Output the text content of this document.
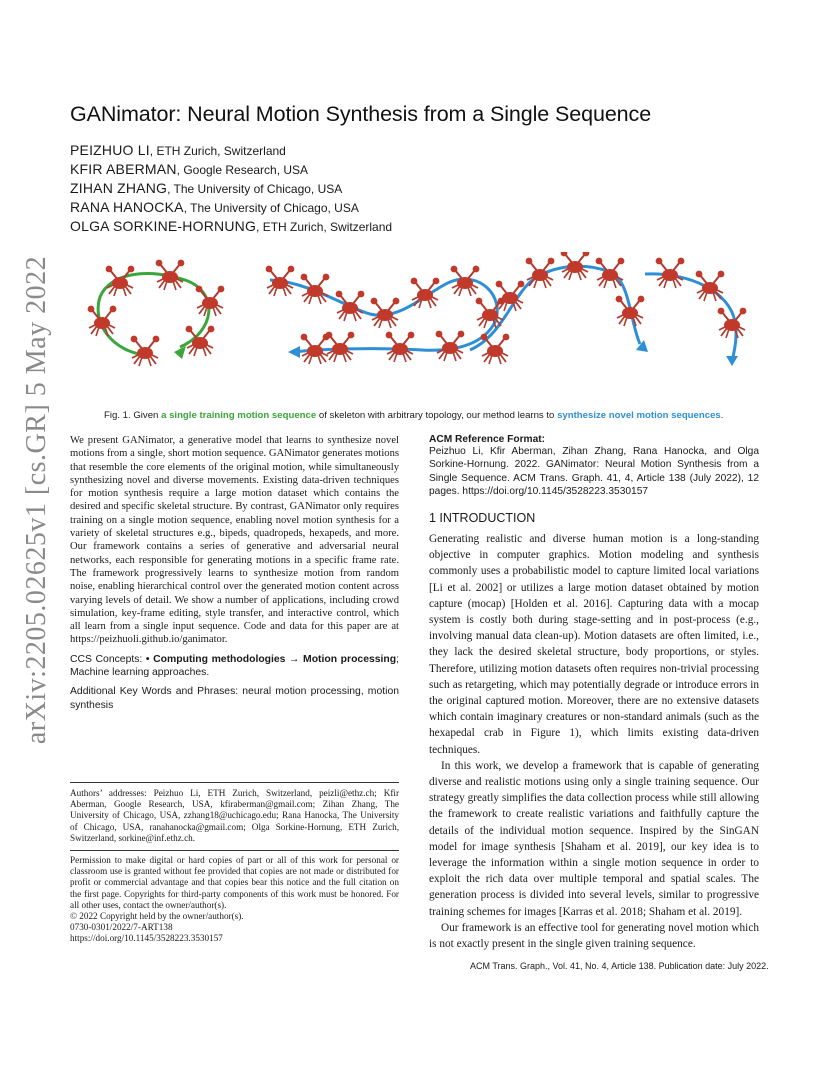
GANimator: Neural Motion Synthesis from a Single Sequence
PEIZHUO LI, ETH Zurich, Switzerland
KFIR ABERMAN, Google Research, USA
ZIHAN ZHANG, The University of Chicago, USA
RANA HANOCKA, The University of Chicago, USA
OLGA SORKINE-HORNUNG, ETH Zurich, Switzerland
arXiv:2205.02625v1 [cs.GR] 5 May 2022	Fig. 1. Given a single training motion sequence of skeleton with arbitrary topology, our method learns to synthesize novel motion sequences.

We present GANimator, a generative model that learns to synthesize novel motions from a single, short motion sequence. GANimator generates motions that resemble the core elements of the original motion, while simultaneously synthesizing novel and diverse movements. Existing data-driven techniques for motion synthesis require a large motion dataset which contains the desired and specific skeletal structure. By contrast, GANimator only requires training on a single motion sequence, enabling novel motion synthesis for a variety of skeletal structures e.g., bipeds, quadropeds, hexapeds, and more. Our framework contains a series of generative and adversarial neural networks, each responsible for generating motions in a specific frame rate. The framework progressively learns to synthesize motion from random noise, enabling hierarchical control over the generated motion content across varying levels of detail. We show a number of applications, including crowd simulation, key-frame editing, style transfer, and interactive control, which all learn from a single input sequence. Code and data for this paper are at https://peizhuoli.github.io/ganimator.

CCS Concepts: • Computing methodologies → Motion processing; Machine learning approaches.

Additional Key Words and Phrases: neural motion processing, motion synthesis

Authors’ addresses: Peizhuo Li, ETH Zurich, Switzerland, peizli@ethz.ch; Kfir Aberman, Google Research, USA, kfiraberman@gmail.com; Zihan Zhang, The University of Chicago, USA, zzhang18@uchicago.edu; Rana Hanocka, The University of Chicago, USA, ranahanocka@gmail.com; Olga Sorkine-Hornung, ETH Zurich, Switzerland, sorkine@inf.ethz.ch.
Permission to make digital or hard copies of part or all of this work for personal or classroom use is granted without fee provided that copies are not made or distributed for profit or commercial advantage and that copies bear this notice and the full citation on the first page. Copyrights for third-party components of this work must be honored. For all other uses, contact the owner/author(s).
© 2022 Copyright held by the owner/author(s).
0730-0301/2022/7-ART138
https://doi.org/10.1145/3528223.3530157
ACM Reference Format:
Peizhuo Li, Kfir Aberman, Zihan Zhang, Rana Hanocka, and Olga Sorkine-Hornung. 2022. GANimator: Neural Motion Synthesis from a Single Sequence. ACM Trans. Graph. 41, 4, Article 138 (July 2022), 12 pages. https://doi.org/10.1145/3528223.3530157
1 INTRODUCTION

Generating realistic and diverse human motion is a long-standing objective in computer graphics. Motion modeling and synthesis commonly uses a probabilistic model to capture limited local variations [Li et al. 2002] or utilizes a large motion dataset obtained by motion capture (mocap) [Holden et al. 2016]. Capturing data with a mocap system is costly both during stage-setting and in post-process (e.g., involving manual data clean-up). Motion datasets are often limited, i.e., they lack the desired skeletal structure, body proportions, or styles. Therefore, utilizing motion datasets often requires non-trivial processing such as retargeting, which may potentially degrade or introduce errors in the original captured motion. Moreover, there are no extensive datasets which contain imaginary creatures or non-standard animals (such as the hexapedal crab in Figure 1), which limits existing data-driven techniques.

In this work, we develop a framework that is capable of generating diverse and realistic motions using only a single training sequence. Our strategy greatly simplifies the data collection process while still allowing the framework to create realistic variations and faithfully capture the details of the individual motion sequence. Inspired by the SinGAN model for image synthesis [Shaham et al. 2019], our key idea is to leverage the information within a single motion sequence in order to exploit the rich data over multiple temporal and spatial scales. The generation process is divided into several levels, similar to progressive training schemes for images [Karras et al. 2018; Shaham et al. 2019].

Our framework is an effective tool for generating novel motion which is not exactly present in the single given training sequence.

ACM Trans. Graph., Vol. 41, No. 4, Article 138. Publication date: July 2022.
